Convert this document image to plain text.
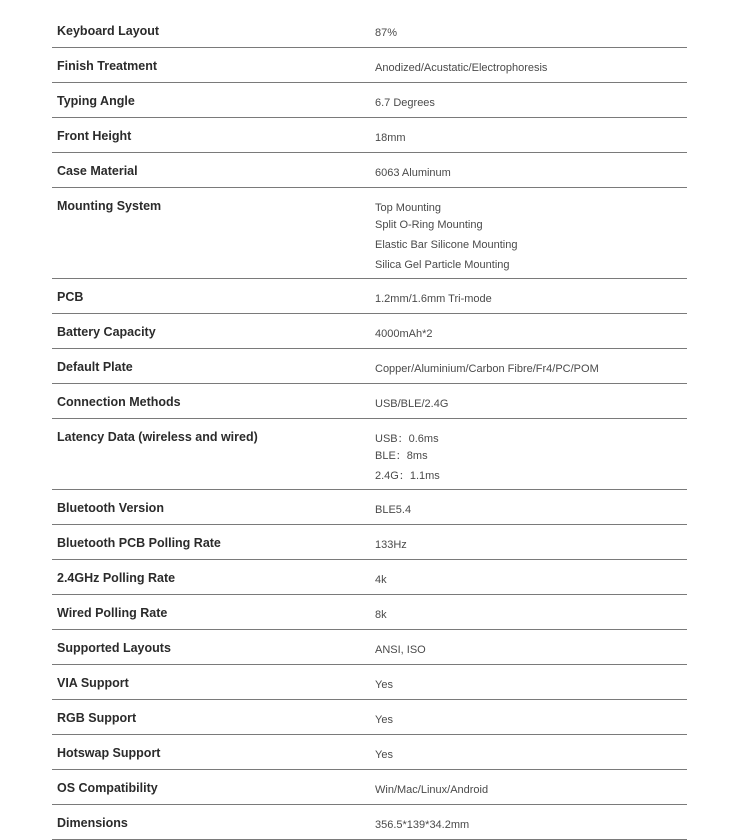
Keyboard Layout	87%
Finish Treatment	Anodized/Acustatic/Electrophoresis
Typing Angle	6.7 Degrees
Front Height	18mm
Case Material	6063 Aluminum
Mounting System	Top Mounting
Split O-Ring Mounting
Elastic Bar Silicone Mounting
Silica Gel Particle Mounting
PCB	1.2mm/1.6mm Tri-mode
Battery Capacity	4000mAh*2
Default Plate	Copper/Aluminium/Carbon Fibre/Fr4/PC/POM
Connection Methods	USB/BLE/2.4G
Latency Data (wireless and wired)	USB：0.6ms
BLE：8ms
2.4G：1.1ms
Bluetooth Version	BLE5.4
Bluetooth PCB Polling Rate	133Hz
2.4GHz Polling Rate	4k
Wired Polling Rate	8k
Supported Layouts	ANSI, ISO
VIA Support	Yes
RGB Support	Yes
Hotswap Support	Yes
OS Compatibility	Win/Mac/Linux/Android
Dimensions	356.5*139*34.2mm
